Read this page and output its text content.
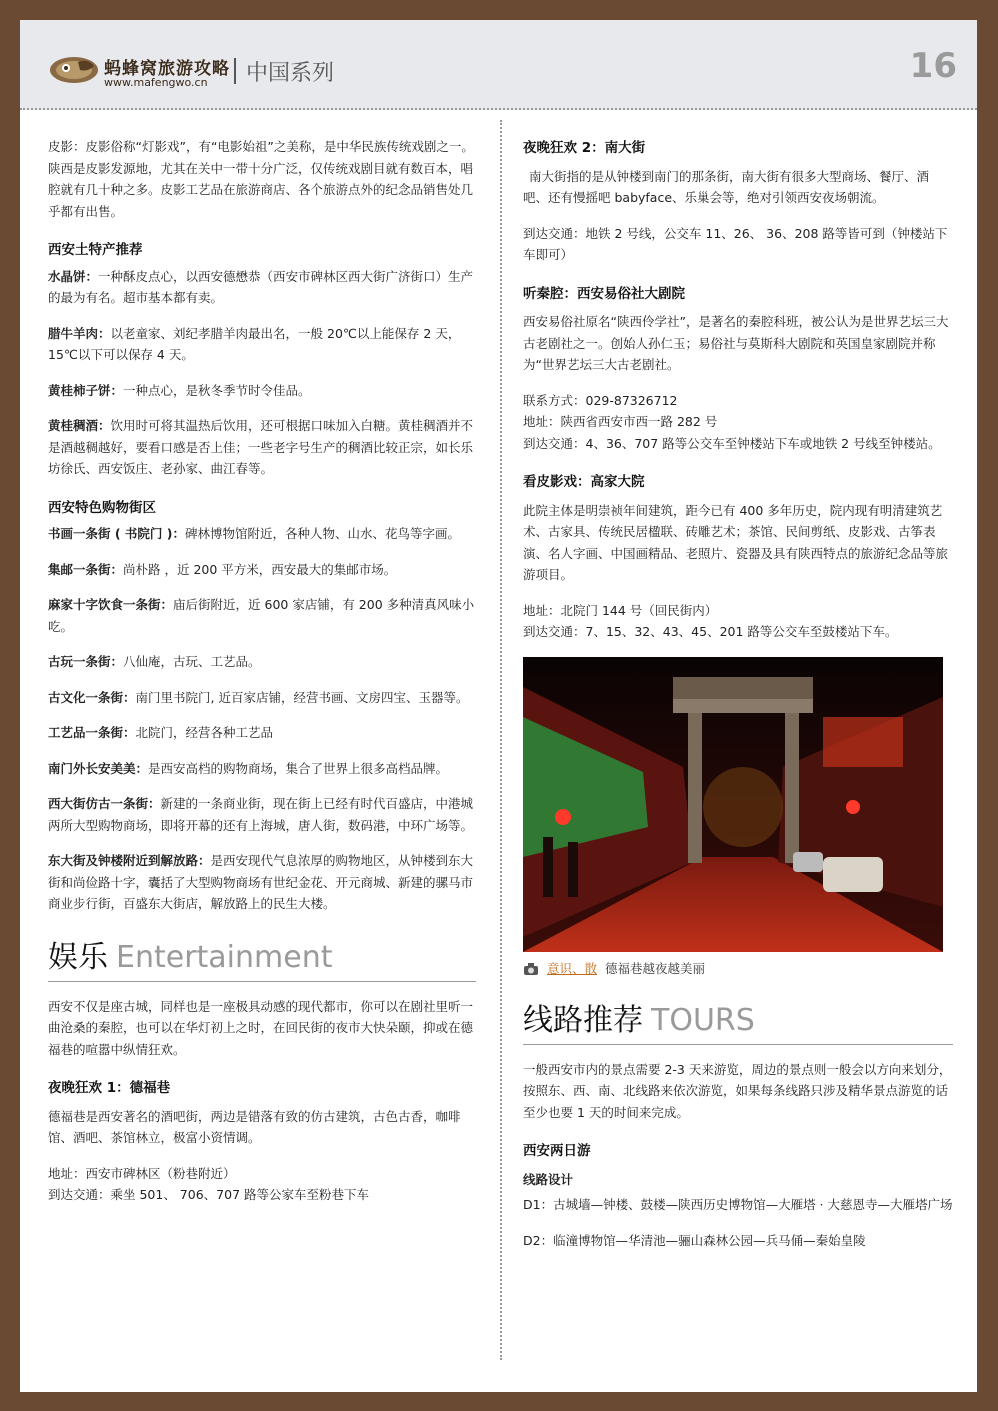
蚂蜂窝旅游攻略
www.mafengwo.cn 中国系列	16

皮影：皮影俗称“灯影戏”，有“电影始祖”之美称，是中华民族传统戏剧之一。陕西是皮影发源地，尤其在关中一带十分广泛，仅传统戏剧目就有数百本，唱腔就有几十种之多。皮影工艺品在旅游商店、各个旅游点外的纪念品销售处几乎都有出售。

西安土特产推荐

水晶饼：一种酥皮点心，以西安德懋恭（西安市碑林区西大街广济街口）生产的最为有名。超市基本都有卖。

腊牛羊肉：以老童家、刘纪孝腊羊肉最出名，一般 20℃以上能保存 2 天，15℃以下可以保存 4 天。

黄桂柿子饼：一种点心，是秋冬季节时令佳品。

黄桂稠酒：饮用时可将其温热后饮用，还可根据口味加入白糖。黄桂稠酒并不是酒越稠越好，要看口感是否上佳；一些老字号生产的稠酒比较正宗，如长乐坊徐氏、西安饭庄、老孙家、曲江春等。

西安特色购物街区

书画一条街 ( 书院门 )：碑林博物馆附近，各种人物、山水、花鸟等字画。

集邮一条街：尚朴路 ，近 200 平方米，西安最大的集邮市场。

麻家十字饮食一条街：庙后街附近，近 600 家店铺，有 200 多种清真风味小吃。

古玩一条街：八仙庵，古玩、工艺品。

古文化一条街：南门里书院门, 近百家店铺，经营书画、文房四宝、玉器等。

工艺品一条街：北院门，经营各种工艺品

南门外长安美美：是西安高档的购物商场，集合了世界上很多高档品牌。

西大街仿古一条街：新建的一条商业街，现在街上已经有时代百盛店，中港城两所大型购物商场，即将开幕的还有上海城，唐人街，数码港，中环广场等。

东大街及钟楼附近到解放路：是西安现代气息浓厚的购物地区，从钟楼到东大街和尚俭路十字，囊括了大型购物商场有世纪金花、开元商城、新建的骡马市商业步行街，百盛东大街店，解放路上的民生大楼。

娱乐 Entertainment

西安不仅是座古城，同样也是一座极具动感的现代都市，你可以在剧社里听一曲沧桑的秦腔，也可以在华灯初上之时，在回民街的夜市大快朵颐，抑或在德福巷的喧嚣中纵情狂欢。

夜晚狂欢 1：德福巷

德福巷是西安著名的酒吧街，两边是错落有致的仿古建筑，古色古香，咖啡馆、酒吧、茶馆林立，极富小资情调。

地址：西安市碑林区（粉巷附近）
到达交通：乘坐 501、 706、707 路等公家车至粉巷下车
夜晚狂欢 2：南大街

南大街指的是从钟楼到南门的那条街，南大街有很多大型商场、餐厅、酒吧、还有慢摇吧 babyface、乐巢会等，绝对引领西安夜场朝流。

到达交通：地铁 2 号线，公交车 11、26、 36、208 路等皆可到（钟楼站下车即可）

听秦腔：西安易俗社大剧院

西安易俗社原名“陕西伶学社”，是著名的秦腔科班，被公认为是世界艺坛三大古老剧社之一。创始人孙仁玉；易俗社与莫斯科大剧院和英国皇家剧院并称为“世界艺坛三大古老剧社。

联系方式：029-87326712
地址：陕西省西安市西一路 282 号
到达交通：4、36、707 路等公交车至钟楼站下车或地铁 2 号线至钟楼站。
看皮影戏：高家大院

此院主体是明崇祯年间建筑，距今已有 400 多年历史，院内现有明清建筑艺术、古家具、传统民居楹联、砖雕艺术；茶馆、民间剪纸、皮影戏、古筝表演、名人字画、中国画精品、老照片、瓷器及具有陕西特点的旅游纪念品等旅游项目。

地址：北院门 144 号（回民街内）
到达交通：7、15、32、43、45、201 路等公交车至鼓楼站下车。
意识、散 德福巷越夜越美丽
线路推荐 TOURS

一般西安市内的景点需要 2-3 天来游览，周边的景点则一般会以方向来划分，按照东、西、南、北线路来依次游览，如果每条线路只涉及精华景点游览的话至少也要 1 天的时间来完成。

西安两日游
线路设计

D1：古城墙—钟楼、鼓楼—陕西历史博物馆—大雁塔 · 大慈恩寺—大雁塔广场

D2：临潼博物馆—华清池—骊山森林公园—兵马俑—秦始皇陵
